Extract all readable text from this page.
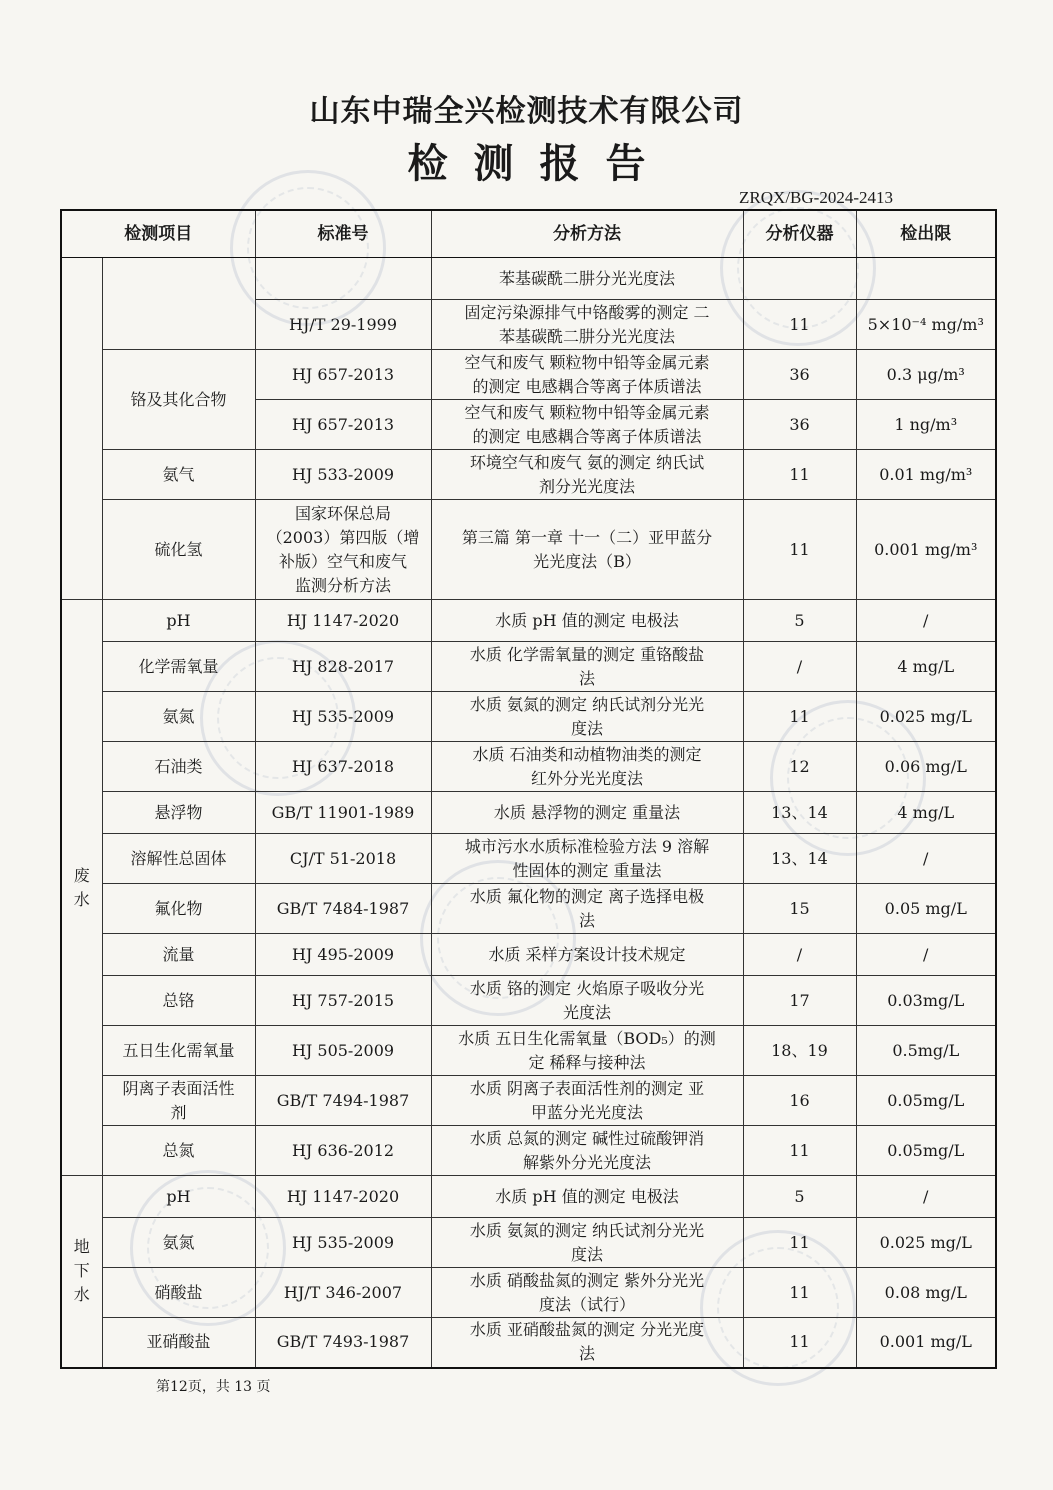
山东中瑞全兴检测技术有限公司
检测报告
ZRQX/BG-2024-2413
检测项目		标准号	分析方法	分析仪器	检出限

			苯基碳酰二肼分光光度法		

		HJ/T 29-1999	固定污染源排气中铬酸雾的测定 二
苯基碳酰二肼分光光度法	11	5×10⁻⁴ mg/m³
	铬及其化合物	HJ 657-2013	空气和废气 颗粒物中铅等金属元素
的测定 电感耦合等离子体质谱法	36	0.3 μg/m³
		HJ 657-2013	空气和废气 颗粒物中铅等金属元素
的测定 电感耦合等离子体质谱法	36	1 ng/m³
	氨气	HJ 533-2009	环境空气和废气 氨的测定 纳氏试
剂分光光度法	11	0.01 mg/m³
	硫化氢	国家环保总局
（2003）第四版（增
补版）空气和废气
监测分析方法	第三篇 第一章 十一（二）亚甲蓝分
光光度法（B）	11	0.001 mg/m³

废
水	pH	HJ 1147-2020	水质 pH 值的测定 电极法	5	/
	化学需氧量	HJ 828-2017	水质 化学需氧量的测定 重铬酸盐
法	/	4 mg/L
	氨氮	HJ 535-2009	水质 氨氮的测定 纳氏试剂分光光
度法	11	0.025 mg/L
	石油类	HJ 637-2018	水质 石油类和动植物油类的测定
红外分光光度法	12	0.06 mg/L
	悬浮物	GB/T 11901-1989	水质 悬浮物的测定 重量法	13、14	4 mg/L
	溶解性总固体	CJ/T 51-2018	城市污水水质标准检验方法 9 溶解
性固体的测定 重量法	13、14	/
	氟化物	GB/T 7484-1987	水质 氟化物的测定 离子选择电极
法	15	0.05 mg/L
	流量	HJ 495-2009	水质 采样方案设计技术规定	/	/
	总铬	HJ 757-2015	水质 铬的测定 火焰原子吸收分光
光度法	17	0.03mg/L
	五日生化需氧量	HJ 505-2009	水质 五日生化需氧量（BOD₅）的测
定 稀释与接种法	18、19	0.5mg/L

	阴离子表面活性
剂	GB/T 7494-1987	水质 阴离子表面活性剂的测定 亚
甲蓝分光光度法	16	0.05mg/L
	总氮	HJ 636-2012	水质 总氮的测定 碱性过硫酸钾消
解紫外分光光度法	11	0.05mg/L

地
下
水	pH	HJ 1147-2020	水质 pH 值的测定 电极法	5	/
	氨氮	HJ 535-2009	水质 氨氮的测定 纳氏试剂分光光
度法	11	0.025 mg/L
	硝酸盐	HJ/T 346-2007	水质 硝酸盐氮的测定 紫外分光光
度法（试行）	11	0.08 mg/L
	亚硝酸盐	GB/T 7493-1987	水质 亚硝酸盐氮的测定 分光光度
法	11	0.001 mg/L
第12页，共 13 页
